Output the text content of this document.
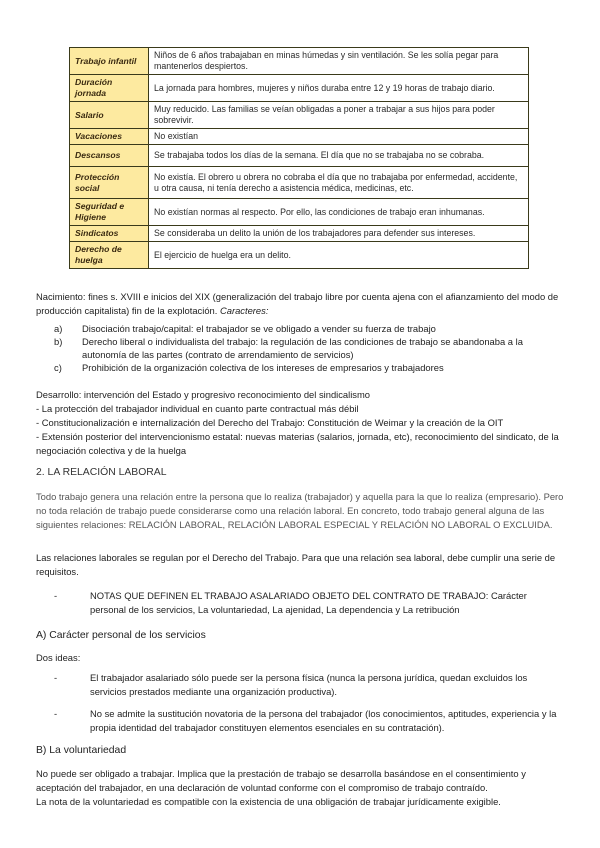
Trabajo infantil	Niños de 6 años trabajaban en minas húmedas y sin ventilación. Se les solía pegar para mantenerlos despiertos.
Duración jornada	La jornada para hombres, mujeres y niños duraba entre 12 y 19 horas de trabajo diario.
Salario	Muy reducido. Las familias se veían obligadas a poner a trabajar a sus hijos para poder sobrevivir.
Vacaciones	No existían
Descansos	Se trabajaba todos los días de la semana. El día que no se trabajaba no se cobraba.
Protección social	No existía. El obrero u obrera no cobraba el día que no trabajaba por enfermedad, accidente, u otra causa, ni tenía derecho a asistencia médica, medicinas, etc.
Seguridad e Higiene	No existían normas al respecto. Por ello, las condiciones de trabajo eran inhumanas.
Sindicatos	Se consideraba un delito la unión de los trabajadores para defender sus intereses.
Derecho de huelga	El ejercicio de huelga era un delito.

Nacimiento: fines s. XVIII e inicios del XIX (generalización del trabajo libre por cuenta ajena con el afianzamiento del modo de producción capitalista) fin de la explotación. Caracteres:

a)	Disociación trabajo/capital: el trabajador se ve obligado a vender su fuerza de trabajo
b)	Derecho liberal o individualista del trabajo: la regulación de las condiciones de trabajo se abandonaba a la autonomía de las partes (contrato de arrendamiento de servicios)
c)	Prohibición de la organización colectiva de los intereses de empresarios y trabajadores

Desarrollo: intervención del Estado y progresivo reconocimiento del sindicalismo

- La protección del trabajador individual en cuanto parte contractual más débil

- Constitucionalización e internalización del Derecho del Trabajo: Constitución de Weimar y la creación de la OIT

- Extensión posterior del intervencionismo estatal: nuevas materias (salarios, jornada, etc), reconocimiento del sindicato, de la negociación colectiva y de la huelga

2. LA RELACIÓN LABORAL
Todo trabajo genera una relación entre la persona que lo realiza (trabajador) y aquella para la que lo realiza (empresario). Pero no toda relación de trabajo puede considerarse como una relación laboral. En concreto, todo trabajo general alguna de las siguientes relaciones: RELACIÓN LABORAL, RELACIÓN LABORAL ESPECIAL Y RELACIÓN NO LABORAL O EXCLUIDA.
Las relaciones laborales se regulan por el Derecho del Trabajo. Para que una relación sea laboral, debe cumplir una serie de requisitos.
-	NOTAS QUE DEFINEN EL TRABAJO ASALARIADO OBJETO DEL CONTRATO DE TRABAJO: Carácter personal de los servicios, La voluntariedad, La ajenidad, La dependencia y La retribución
A) Carácter personal de los servicios
Dos ideas:
-	El trabajador asalariado sólo puede ser la persona física (nunca la persona jurídica, quedan excluidos los servicios prestados mediante una organización productiva).
-	No se admite la sustitución novatoria de la persona del trabajador (los conocimientos, aptitudes, experiencia y la propia identidad del trabajador constituyen elementos esenciales en su contratación).
B) La voluntariedad

No puede ser obligado a trabajar. Implica que la prestación de trabajo se desarrolla basándose en el consentimiento y aceptación del trabajador, en una declaración de voluntad conforme con el compromiso de trabajo contraído.

La nota de la voluntariedad es compatible con la existencia de una obligación de trabajar jurídicamente exigible.
